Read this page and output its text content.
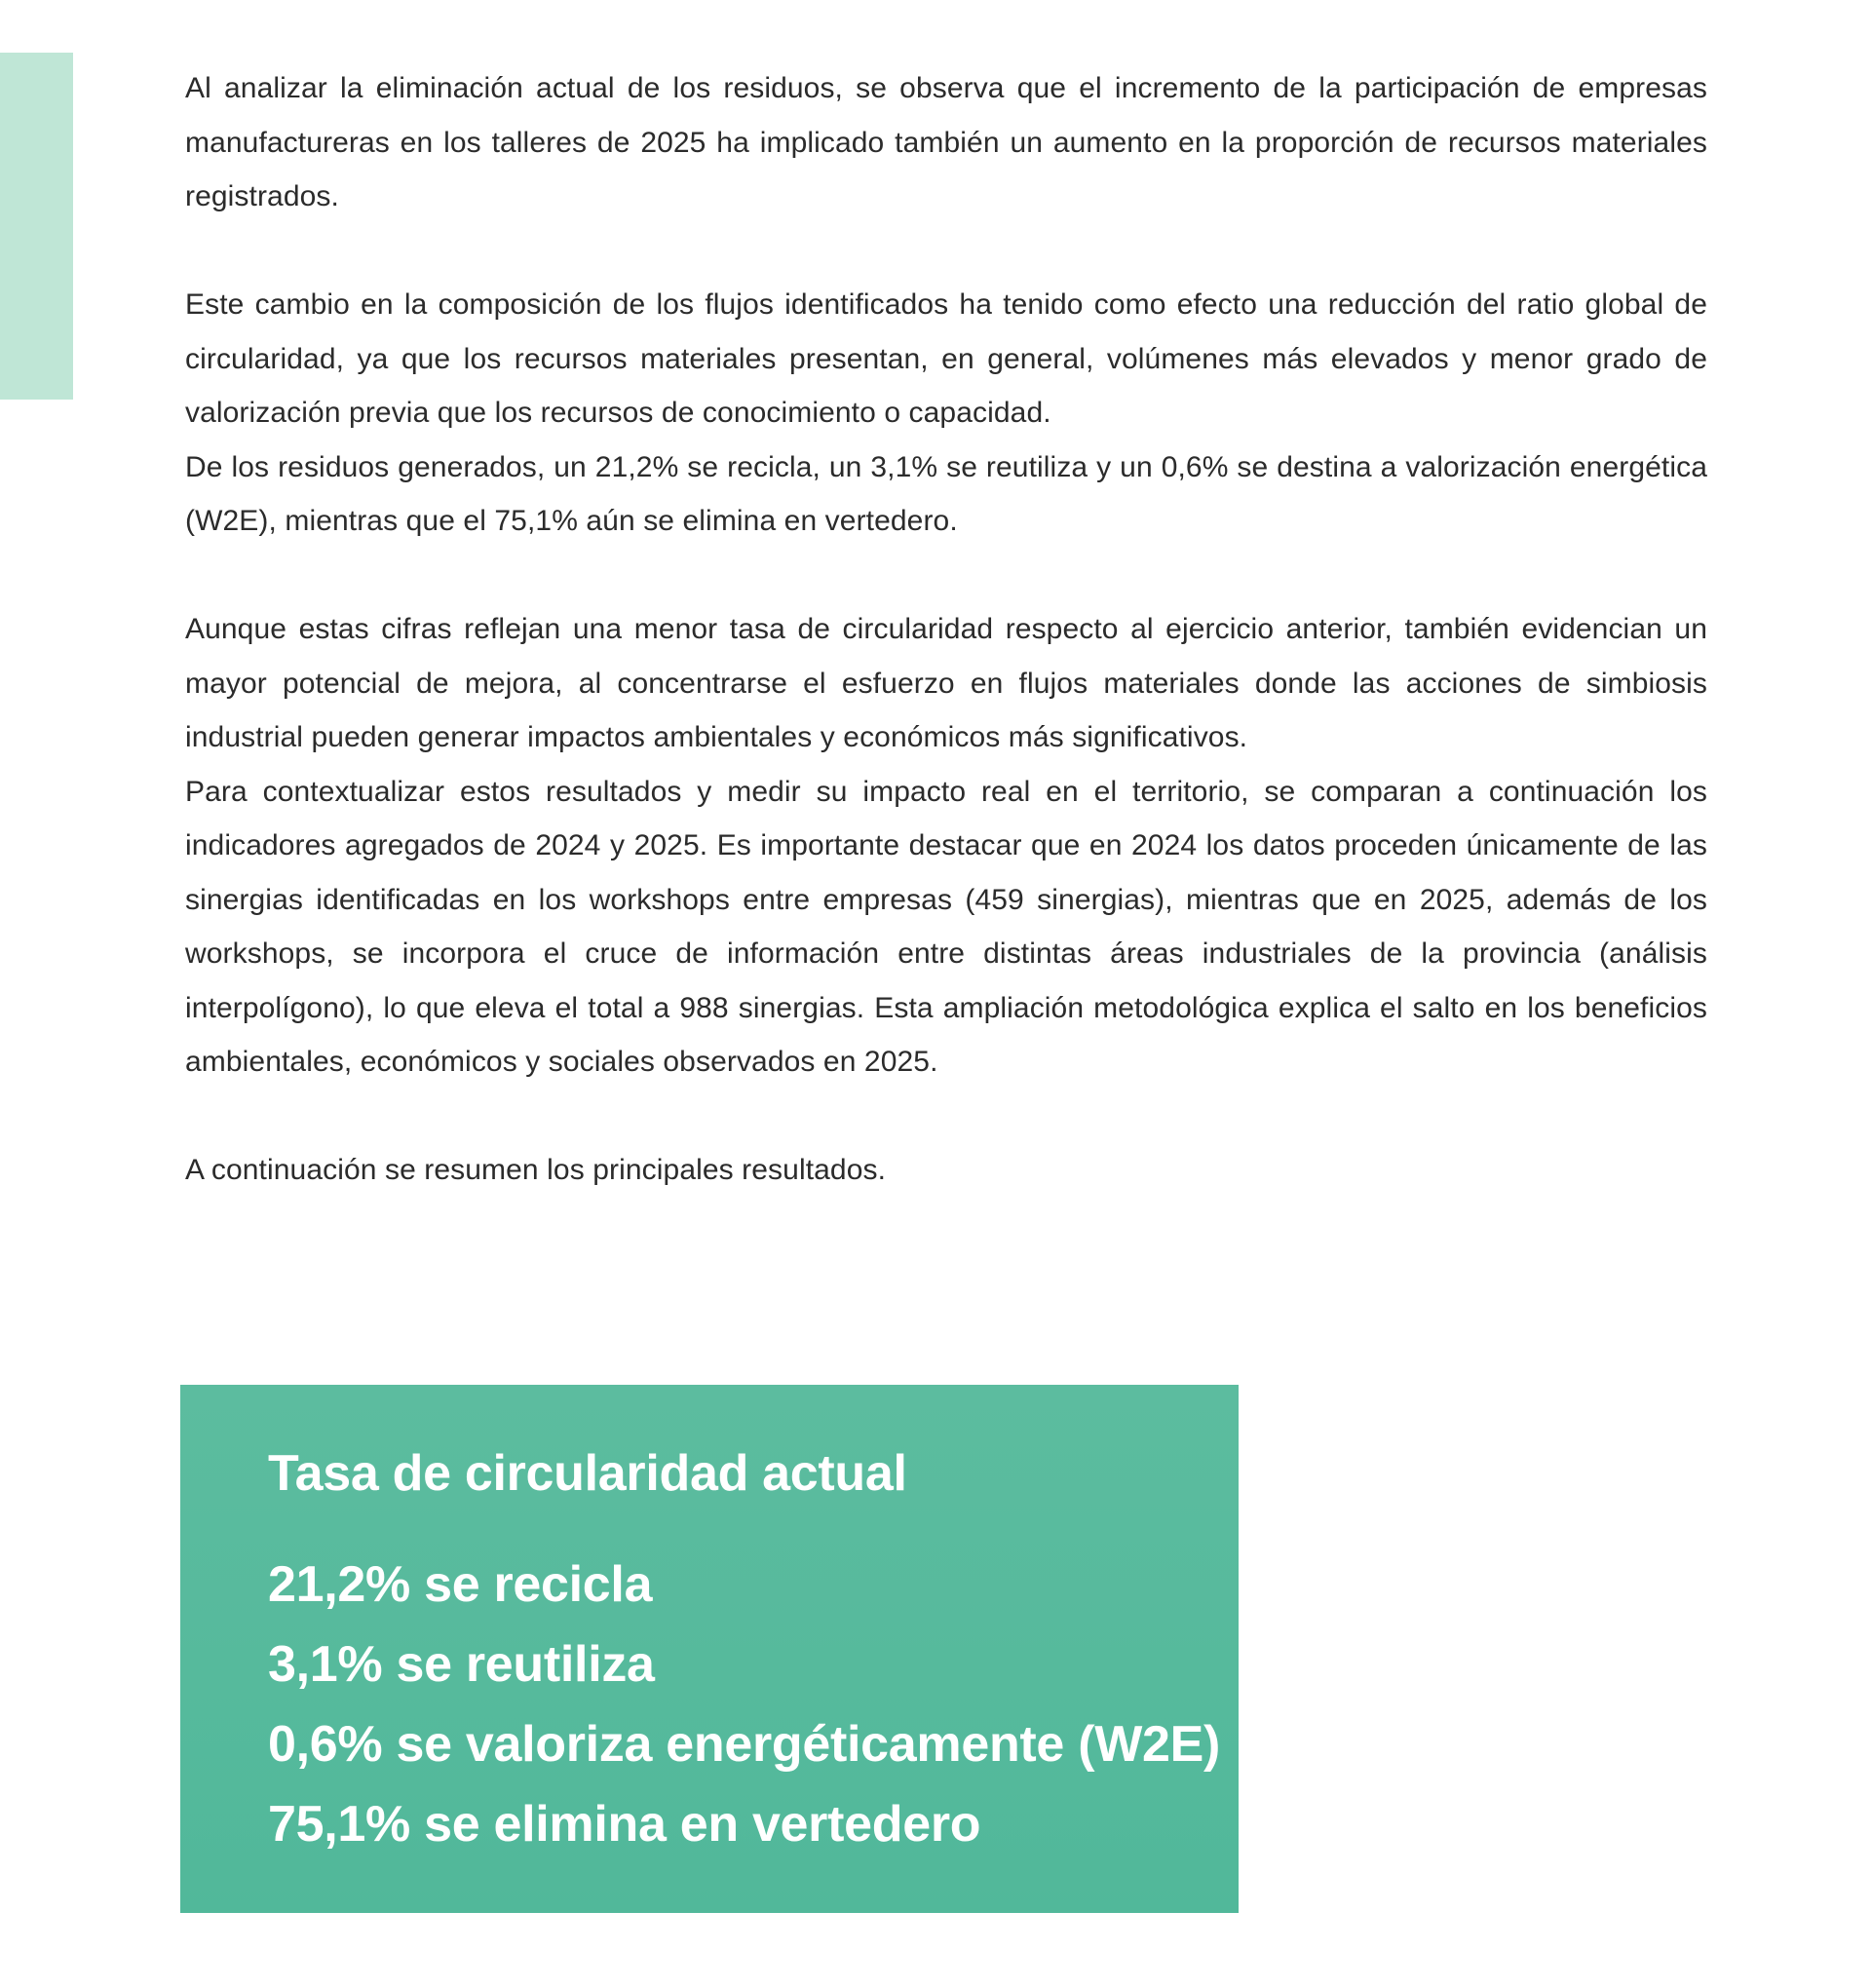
Al analizar la eliminación actual de los residuos, se observa que el incremento de la participación de empresas manufactureras en los talleres de 2025 ha implicado también un aumento en la proporción de recursos materiales registrados.

Este cambio en la composición de los flujos identificados ha tenido como efecto una reducción del ratio global de circularidad, ya que los recursos materiales presentan, en general, volúmenes más elevados y menor grado de valorización previa que los recursos de conocimiento o capacidad.

De los residuos generados, un 21,2% se recicla, un 3,1% se reutiliza y un 0,6% se destina a valorización energética (W2E), mientras que el 75,1% aún se elimina en vertedero.

Aunque estas cifras reflejan una menor tasa de circularidad respecto al ejercicio anterior, también evidencian un mayor potencial de mejora, al concentrarse el esfuerzo en flujos materiales donde las acciones de simbiosis industrial pueden generar impactos ambientales y económicos más significativos.

Para contextualizar estos resultados y medir su impacto real en el territorio, se comparan a continuación los indicadores agregados de 2024 y 2025. Es importante destacar que en 2024 los datos proceden únicamente de las sinergias identificadas en los workshops entre empresas (459 sinergias), mientras que en 2025, además de los workshops, se incorpora el cruce de información entre distintas áreas industriales de la provincia (análisis interpolígono), lo que eleva el total a 988 sinergias. Esta ampliación metodológica explica el salto en los beneficios ambientales, económicos y sociales observados en 2025.

A continuación se resumen los principales resultados.

Tasa de circularidad actual
21,2% se recicla
3,1% se reutiliza
0,6% se valoriza energéticamente (W2E)
75,1% se elimina en vertedero
